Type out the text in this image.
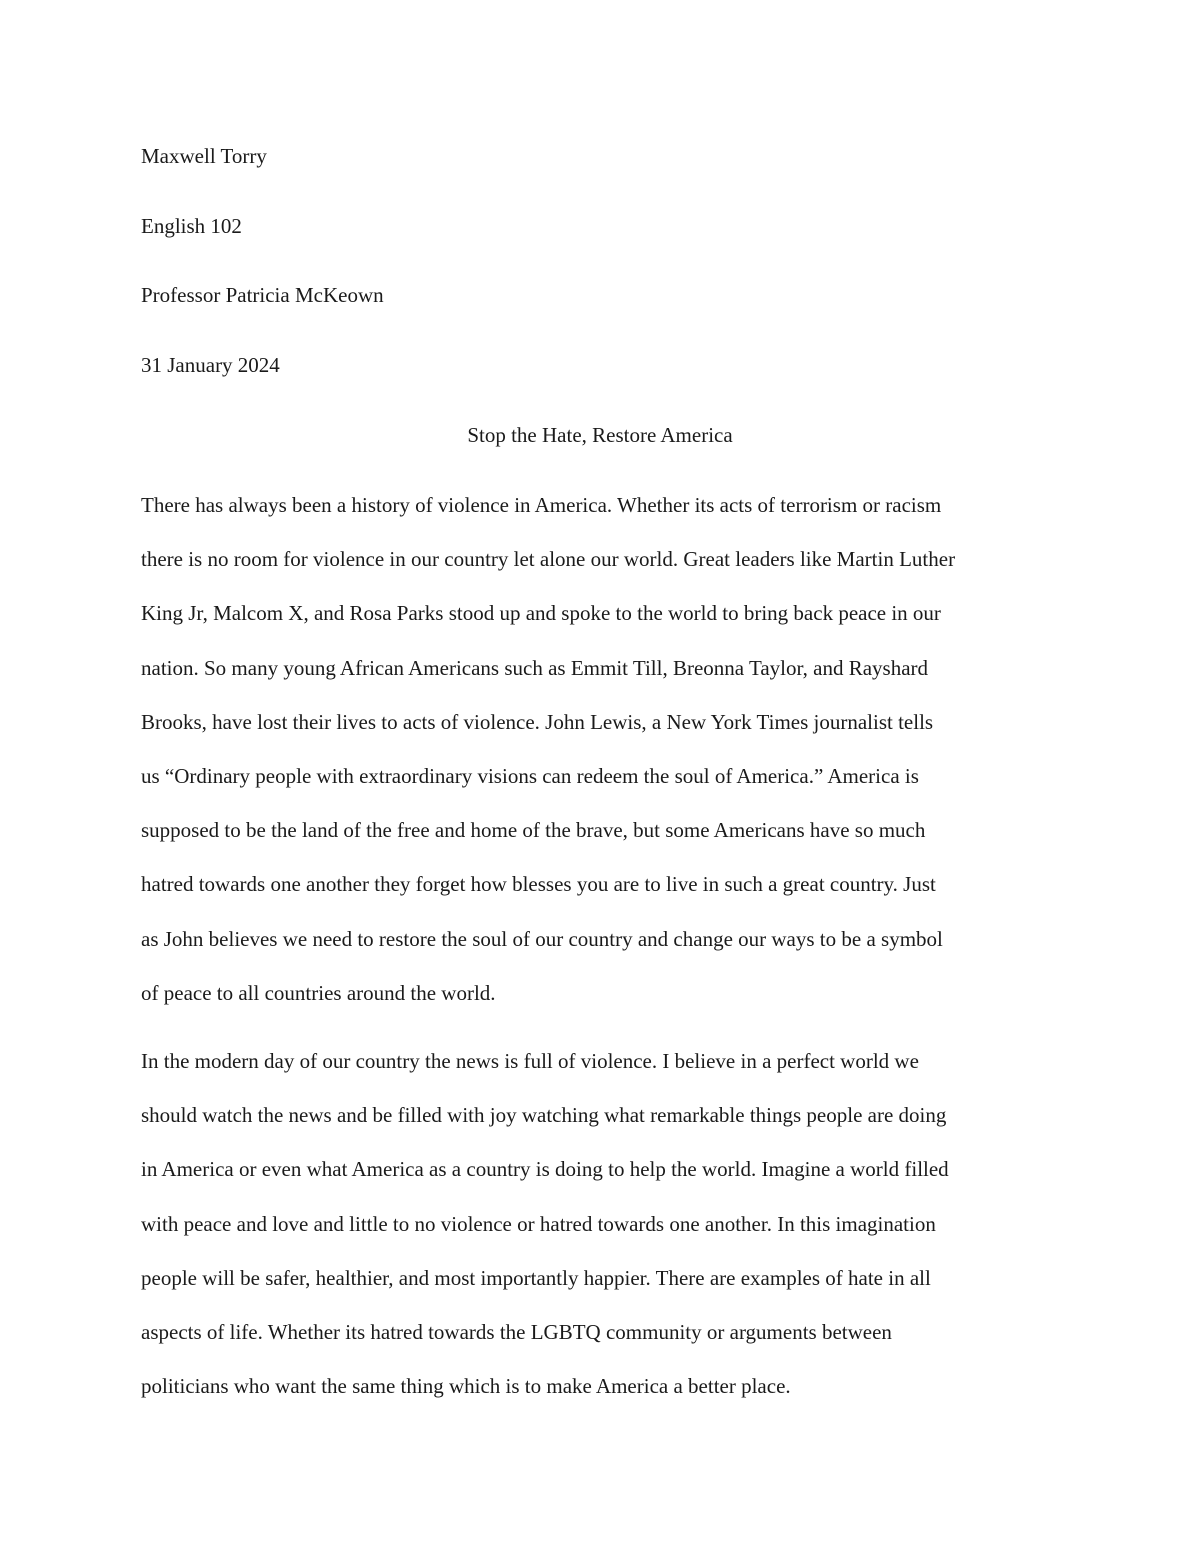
Maxwell Torry

English 102

Professor Patricia McKeown

31 January 2024

Stop the Hate, Restore America

There has always been a history of violence in America. Whether its acts of terrorism or racism
there is no room for violence in our country let alone our world. Great leaders like Martin Luther
King Jr, Malcom X, and Rosa Parks stood up and spoke to the world to bring back peace in our
nation. So many young African Americans such as Emmit Till, Breonna Taylor, and Rayshard
Brooks, have lost their lives to acts of violence. John Lewis, a New York Times journalist tells
us “Ordinary people with extraordinary visions can redeem the soul of America.” America is
supposed to be the land of the free and home of the brave, but some Americans have so much
hatred towards one another they forget how blesses you are to live in such a great country. Just
as John believes we need to restore the soul of our country and change our ways to be a symbol
of peace to all countries around the world.

In the modern day of our country the news is full of violence. I believe in a perfect world we
should watch the news and be filled with joy watching what remarkable things people are doing
in America or even what America as a country is doing to help the world. Imagine a world filled
with peace and love and little to no violence or hatred towards one another. In this imagination
people will be safer, healthier, and most importantly happier. There are examples of hate in all
aspects of life. Whether its hatred towards the LGBTQ community or arguments between
politicians who want the same thing which is to make America a better place.
